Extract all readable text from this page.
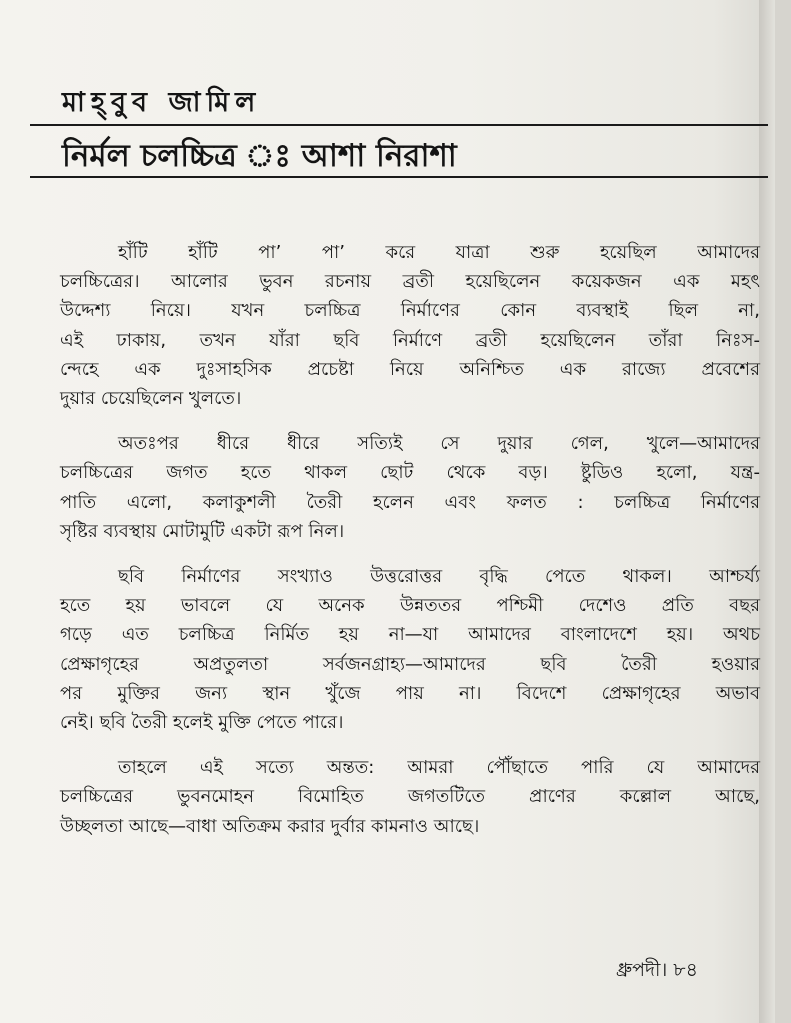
মাহ্‌বুব জামিল
নির্মল চলচ্চিত্র ঃ আশা নিরাশা
হাঁটি হাঁটি পা’ পা’ করে যাত্রা শুরু হয়েছিল আমাদের
চলচ্চিত্রের। আলোর ভুবন রচনায় ব্রতী হয়েছিলেন কয়েকজন এক মহৎ
উদ্দেশ্য নিয়ে। যখন চলচ্চিত্র নির্মাণের কোন ব্যবস্থাই ছিল না,
এই ঢাকায়, তখন যাঁরা ছবি নির্মাণে ব্রতী হয়েছিলেন তাঁরা নিঃস-
ন্দেহে এক দুঃসাহসিক প্রচেষ্টা নিয়ে অনিশ্চিত এক রাজ্যে প্রবেশের
দুয়ার চেয়েছিলেন খুলতে।
অতঃপর ধীরে ধীরে সত্যিই সে দুয়ার গেল, খুলে—আমাদের
চলচ্চিত্রের জগত হতে থাকল ছোট থেকে বড়। ষ্টুডিও হলো, যন্ত্র-
পাতি এলো, কলাকুশলী তৈরী হলেন এবং ফলত : চলচ্চিত্র নির্মাণের
সৃষ্টির ব্যবস্থায় মোটামুটি একটা রূপ নিল।
ছবি নির্মাণের সংখ্যাও উত্তরোত্তর বৃদ্ধি পেতে থাকল। আশ্চর্য্য
হতে হয় ভাবলে যে অনেক উন্নততর পশ্চিমী দেশেও প্রতি বছর
গড়ে এত চলচ্চিত্র নির্মিত হয় না—যা আমাদের বাংলাদেশে হয়। অথচ
প্রেক্ষাগৃহের অপ্রতুলতা সর্বজনগ্রাহ্য—আমাদের ছবি তৈরী হওয়ার
পর মুক্তির জন্য স্থান খুঁজে পায় না। বিদেশে প্রেক্ষাগৃহের অভাব
নেই। ছবি তৈরী হলেই মুক্তি পেতে পারে।
তাহলে এই সত্যে অন্তত: আমরা পৌঁছাতে পারি যে আমাদের
চলচ্চিত্রের ভুবনমোহন বিমোহিত জগতটিতে প্রাণের কল্লোল আছে,
উচ্ছলতা আছে—বাধা অতিক্রম করার দুর্বার কামনাও আছে।
ধ্রুপদী। ৮৪
